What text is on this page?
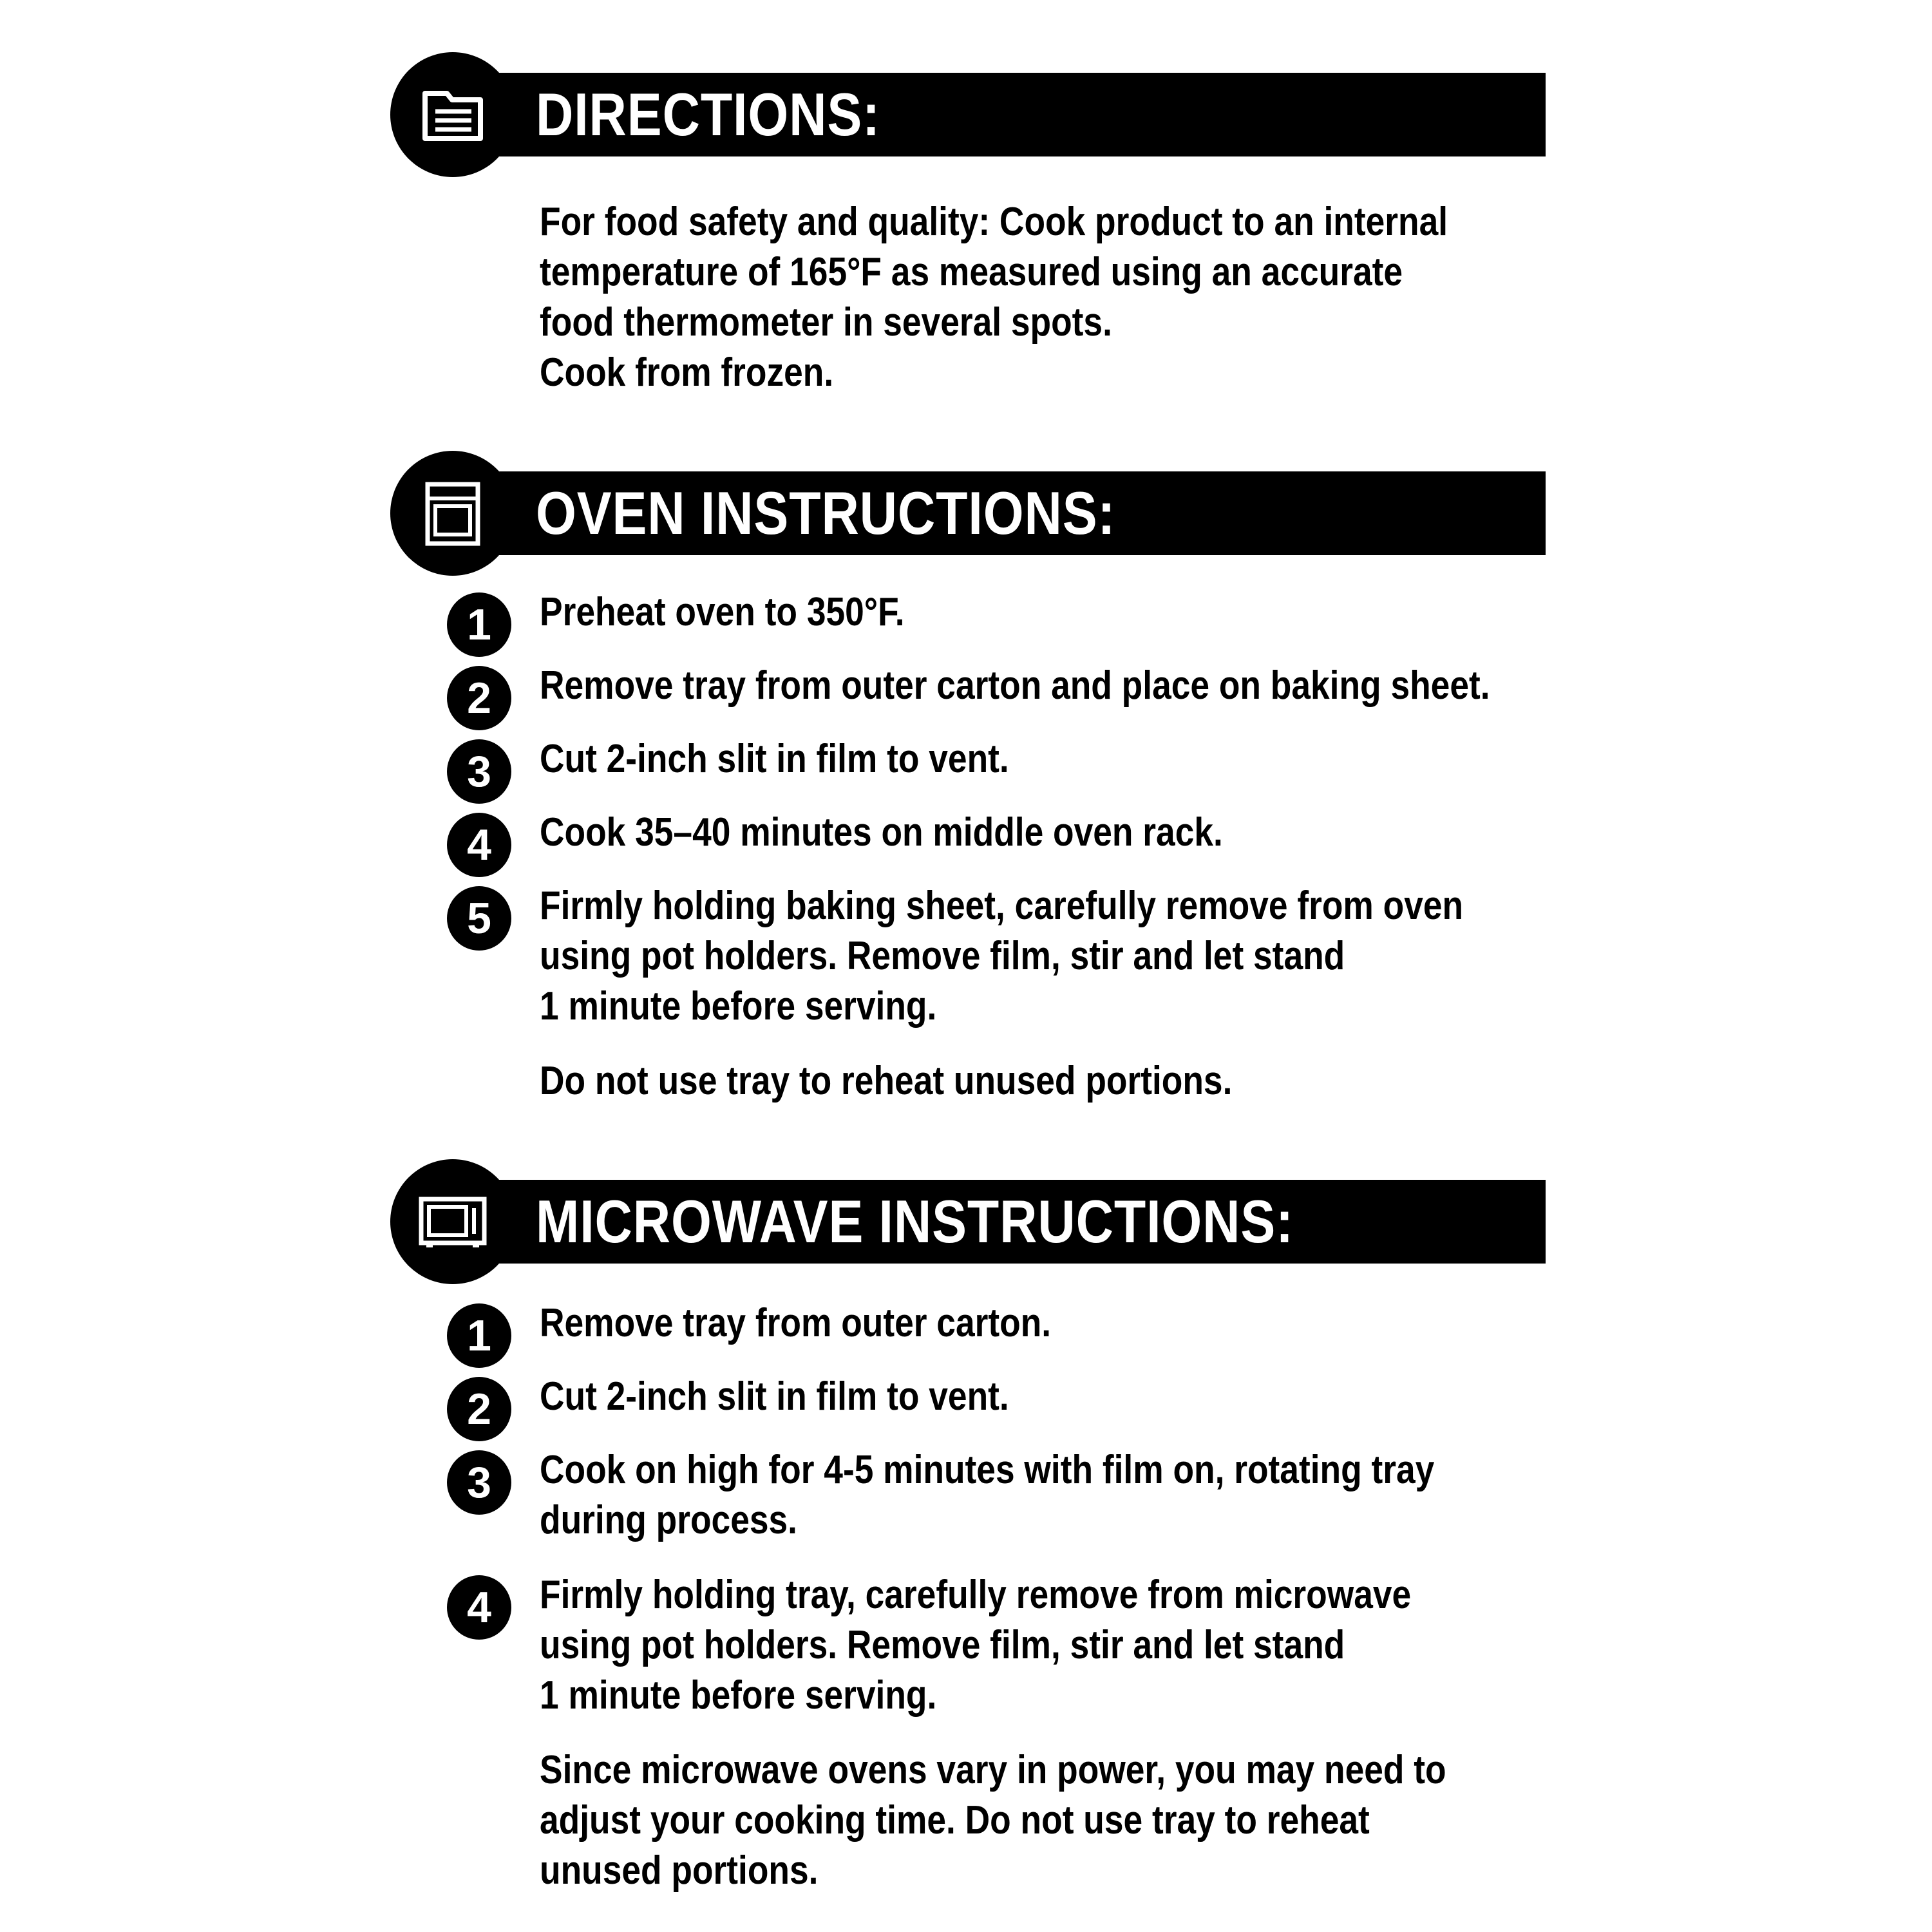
DIRECTIONS:
For food safety and quality: Cook product to an internal
temperature of 165°F as measured using an accurate
food thermometer in several spots.
Cook from frozen.
OVEN INSTRUCTIONS:
1	Preheat oven to 350°F.
2	Remove tray from outer carton and place on baking sheet.
3	Cut 2-inch slit in film to vent.
4	Cook 35–40 minutes on middle oven rack.
5	Firmly holding baking sheet, carefully remove from oven
using pot holders. Remove film, stir and let stand
1 minute before serving.
Do not use tray to reheat unused portions.
MICROWAVE INSTRUCTIONS:
1	Remove tray from outer carton.
2	Cut 2-inch slit in film to vent.
3	Cook on high for 4-5 minutes with film on, rotating tray
during process.
4	Firmly holding tray, carefully remove from microwave
using pot holders. Remove film, stir and let stand
1 minute before serving.
Since microwave ovens vary in power, you may need to
adjust your cooking time. Do not use tray to reheat
unused portions.
